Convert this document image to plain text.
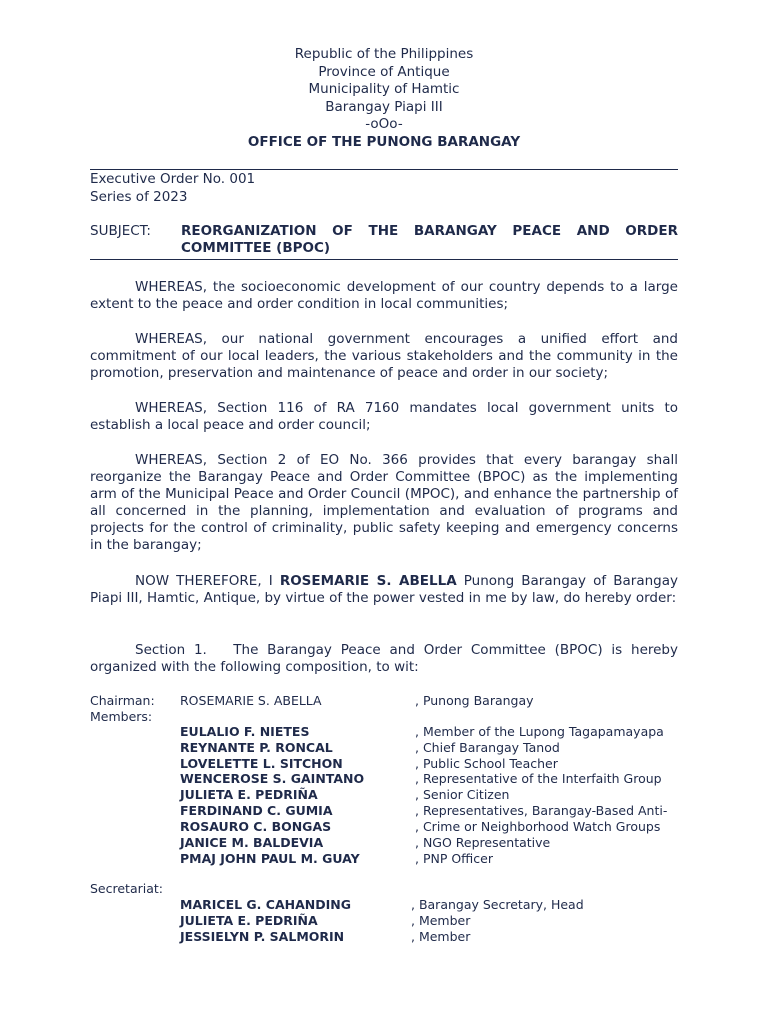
Republic of the Philippines
Province of Antique
Municipality of Hamtic
Barangay Piapi III
-oOo-
OFFICE OF THE PUNONG BARANGAY
Executive Order No. 001
Series of 2023
SUBJECT: REORGANIZATION OF THE BARANGAY PEACE AND ORDER COMMITTEE (BPOC)
WHEREAS, the socioeconomic development of our country depends to a large extent to the peace and order condition in local communities;
WHEREAS, our national government encourages a unified effort and commitment of our local leaders, the various stakeholders and the community in the promotion, preservation and maintenance of peace and order in our society;
WHEREAS, Section 116 of RA 7160 mandates local government units to establish a local peace and order council;
WHEREAS, Section 2 of EO No. 366 provides that every barangay shall reorganize the Barangay Peace and Order Committee (BPOC) as the implementing arm of the Municipal Peace and Order Council (MPOC), and enhance the partnership of all concerned in the planning, implementation and evaluation of programs and projects for the control of criminality, public safety keeping and emergency concerns in the barangay;
NOW THEREFORE, I ROSEMARIE S. ABELLA Punong Barangay of Barangay Piapi III, Hamtic, Antique, by virtue of the power vested in me by law, do hereby order:
Section 1.   The Barangay Peace and Order Committee (BPOC) is hereby organized with the following composition, to wit:
Chairman: ROSEMARIE S. ABELLA	, Punong Barangay
Members:
EULALIO F. NIETES	, Member of the Lupong Tagapamayapa
REYNANTE P. RONCAL	, Chief Barangay Tanod
LOVELETTE L. SITCHON	, Public School Teacher
WENCEROSE S. GAINTANO	, Representative of the Interfaith Group
JULIETA E. PEDRIÑA	, Senior Citizen
FERDINAND C. GUMIA	, Representatives, Barangay-Based Anti-
ROSAURO C. BONGAS	, Crime or Neighborhood Watch Groups
JANICE M. BALDEVIA	, NGO Representative
PMAJ JOHN PAUL M. GUAY	, PNP Officer
Secretariat:
MARICEL G. CAHANDING	, Barangay Secretary, Head
JULIETA E. PEDRIÑA	, Member
JESSIELYN P. SALMORIN	, Member
